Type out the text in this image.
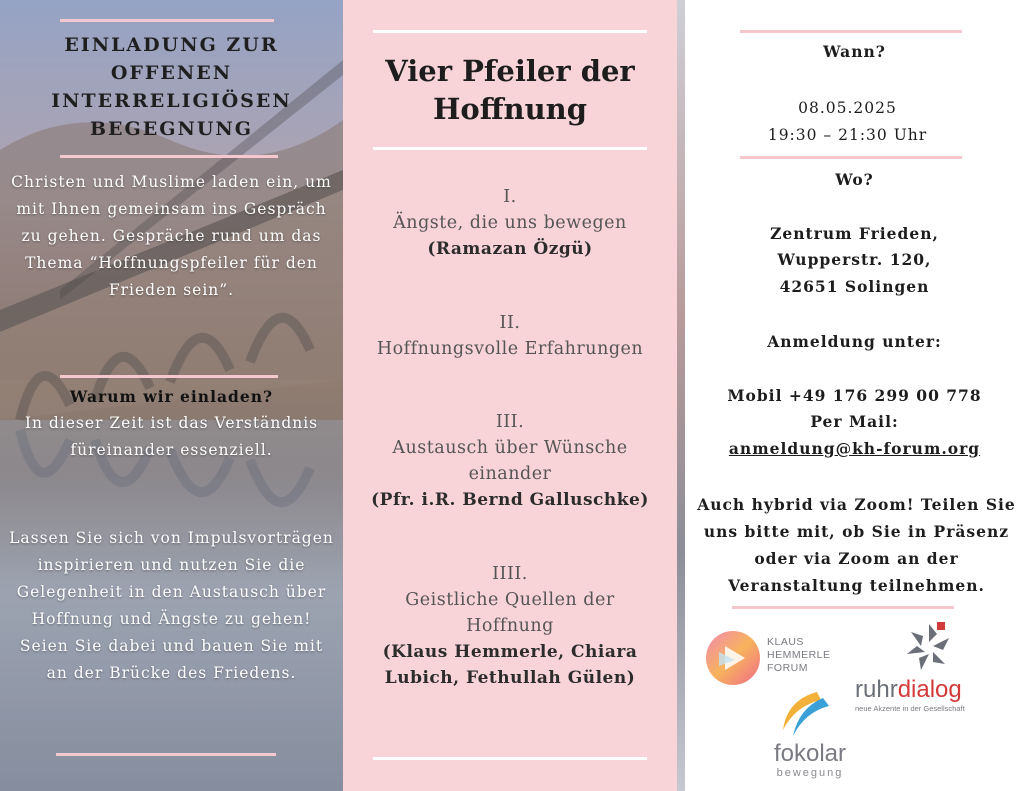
EINLADUNG ZUR OFFENEN INTERRELIGIÖSEN BEGEGNUNG

Christen und Muslime laden ein, um mit Ihnen gemeinsam ins Gespräch zu gehen. Gespräche rund um das Thema “Hoffnungspfeiler für den Frieden sein”.

Warum wir einladen?

In dieser Zeit ist das Verständnis füreinander essenziell.

Lassen Sie sich von Impulsvorträgen inspirieren und nutzen Sie die Gelegenheit in den Austausch über Hoffnung und Ängste zu gehen! Seien Sie dabei und bauen Sie mit an der Brücke des Friedens.

Vier Pfeiler der Hoffnung
I.
Ängste, die uns bewegen
(Ramazan Özgü)
II.
Hoffnungsvolle Erfahrungen
III.
Austausch über Wünsche einander
(Pfr. i.R. Bernd Galluschke)
IIII.
Geistliche Quellen der Hoffnung
(Klaus Hemmerle, Chiara Lubich, Fethullah Gülen)

Wann?

08.05.2025

19:30 – 21:30 Uhr

Wo?

Zentrum Frieden,

Wupperstr. 120,

42651 Solingen

Anmeldung unter:

Mobil +49 176 299 00 778

Per Mail:

anmeldung@kh-forum.org

Auch hybrid via Zoom! Teilen Sie uns bitte mit, ob Sie in Präsenz oder via Zoom an der Veranstaltung teilnehmen.

KLAUS
HEMMERLE
FORUM
ruhrdialog
neue Akzente in der Gesellschaft
fokolar
bewegung
